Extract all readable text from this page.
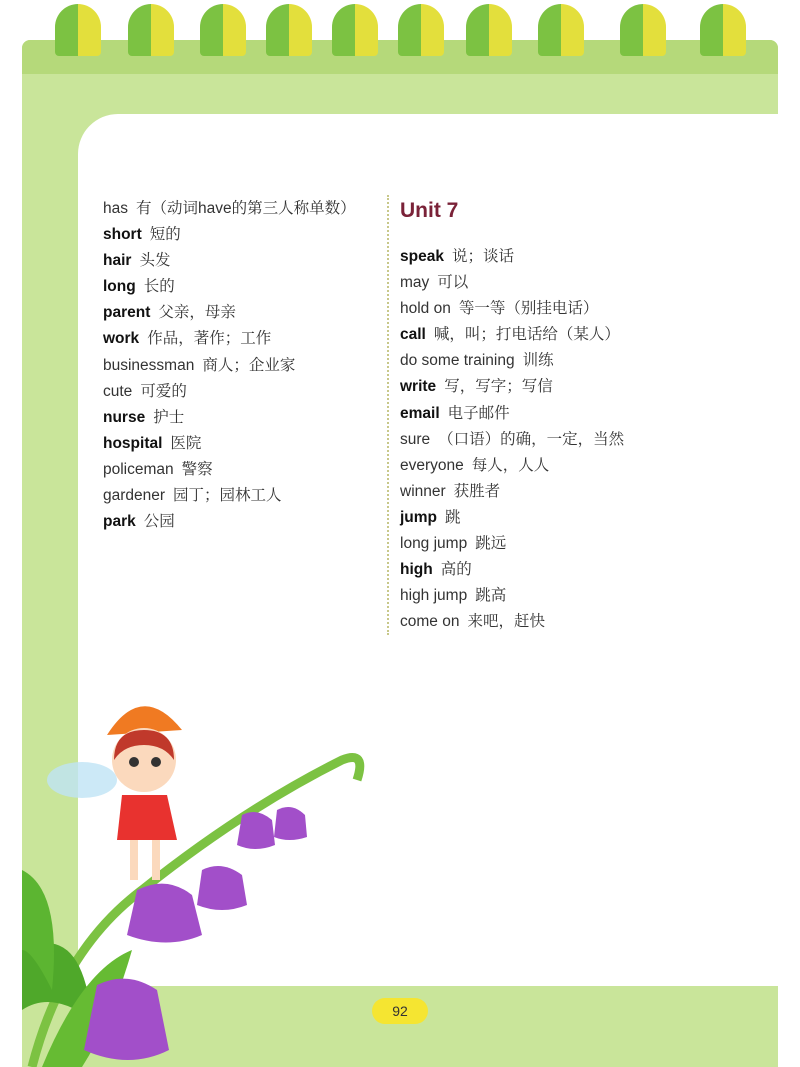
has 有（动词have的第三人称单数）
short 短的
hair 头发
long 长的
parent 父亲，母亲
work 作品，著作；工作
businessman 商人；企业家
cute 可爱的
nurse 护士
hospital 医院
policeman 警察
gardener 园丁；园林工人
park 公园
Unit 7
speak 说；谈话
may 可以
hold on 等一等（别挂电话）
call 喊，叫；打电话给（某人）
do some training 训练
write 写，写字；写信
email 电子邮件
sure （口语）的确，一定，当然
everyone 每人，人人
winner 获胜者
jump 跳
long jump 跳远
high 高的
high jump 跳高
come on 来吧，赶快
92
